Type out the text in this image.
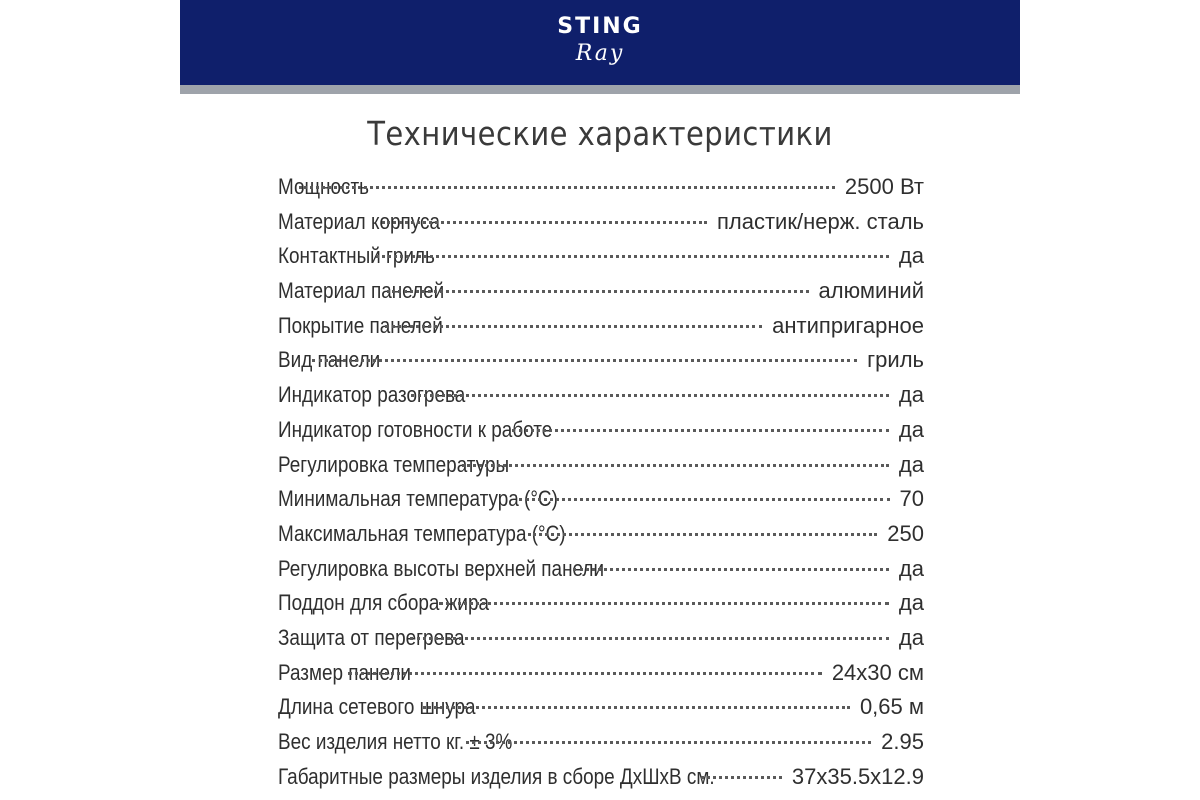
STING
Ray
Технические характеристики
Мощность	2500 Вт
Материал корпуса	пластик/нерж. сталь
Контактный гриль	да
Материал панелей	алюминий
Покрытие панелей	антипригарное
Вид панели	гриль
Индикатор разогрева	да
Индикатор готовности к работе	да
Регулировка температуры	да
Минимальная температура (°C)	70
Максимальная температура (°C)	250
Регулировка высоты верхней панели	да
Поддон для сбора жира	да
Защита от перегрева	да
Размер панели	24x30 см
Длина сетевого шнура	0,65 м
Вес изделия нетто кг. ± 3%	2.95
Габаритные размеры изделия в сборе ДхШхВ см.	37x35.5x12.9
